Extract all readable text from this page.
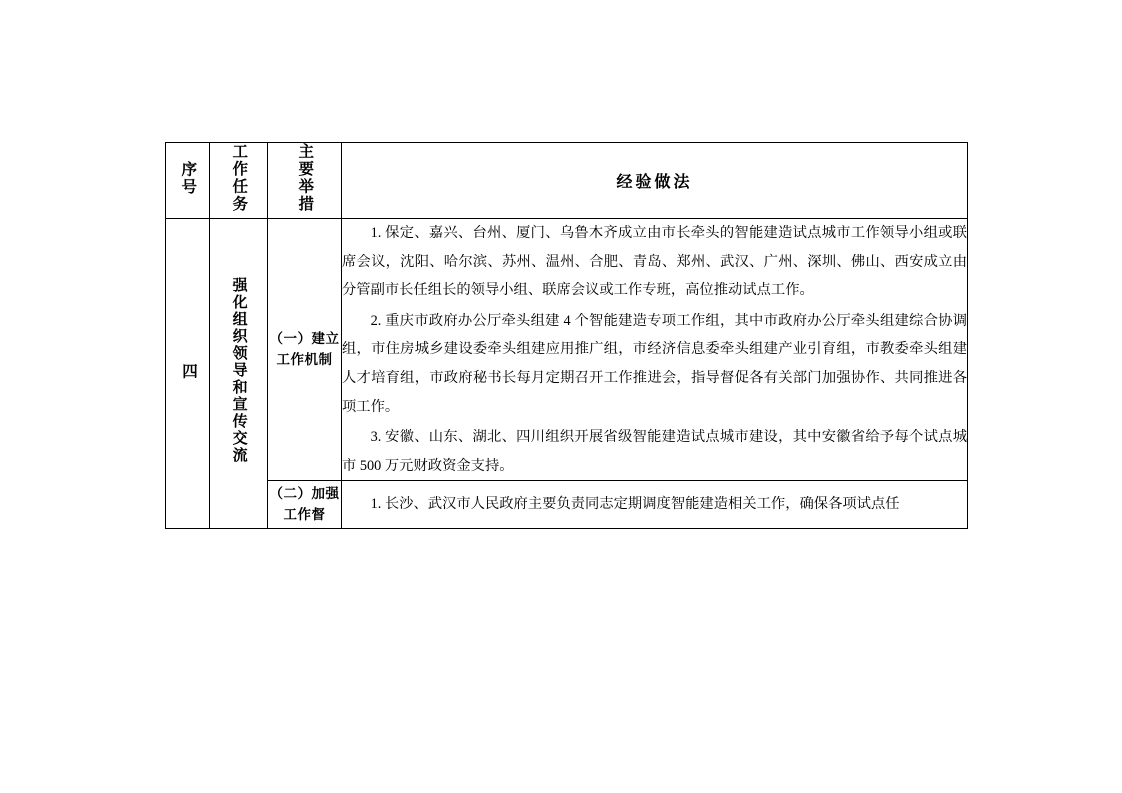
序号	工作任务	主要举措	经验做法
四	强化组织领导和宣传交流	（一）建立工作机制	1. 保定、嘉兴、台州、厦门、乌鲁木齐成立由市长牵头的智能建造试点城市工作领导小组或联席会议，沈阳、哈尔滨、苏州、温州、合肥、青岛、郑州、武汉、广州、深圳、佛山、西安成立由分管副市长任组长的领导小组、联席会议或工作专班，高位推动试点工作。

2. 重庆市政府办公厅牵头组建 4 个智能建造专项工作组，其中市政府办公厅牵头组建综合协调组，市住房城乡建设委牵头组建应用推广组，市经济信息委牵头组建产业引育组，市教委牵头组建人才培育组，市政府秘书长每月定期召开工作推进会，指导督促各有关部门加强协作、共同推进各项工作。

3. 安徽、山东、湖北、四川组织开展省级智能建造试点城市建设，其中安徽省给予每个试点城市 500 万元财政资金支持。

		（二）加强工作督	1. 长沙、武汉市人民政府主要负责同志定期调度智能建造相关工作，确保各项试点任
